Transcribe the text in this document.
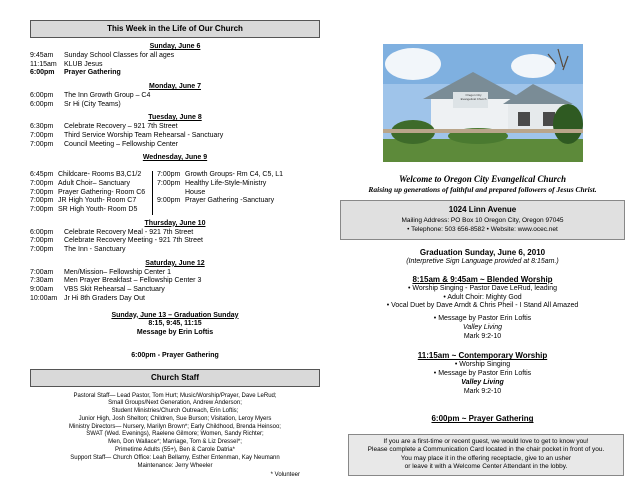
This Week in the Life of Our Church
Sunday, June 6
9:45am	Sunday School Classes for all ages
11:15am	KLUB Jesus
6:00pm	Prayer Gathering
Monday, June 7
6:00pm	The Inn Growth Group – C4
6:00pm	Sr Hi (City Teams)
Tuesday, June 8
6:30pm	Celebrate Recovery – 921 7th Street
7:00pm	Third Service Worship Team Rehearsal - Sanctuary
7:00pm	Council Meeting – Fellowship Center
Wednesday, June 9
6:45pm Childcare- Rooms B3,C1/2
7:00pm Adult Choir– Sanctuary
7:00pm Prayer Gathering- Room C6
7:00pm JR High Youth- Room C7
7:00pm SR High Youth- Room D5
7:00pm Growth Groups- Rm C4, C5, L1
7:00pm Healthy Life-Style-Ministry
House
9:00pm Prayer Gathering -Sanctuary
Thursday, June 10
6:00pm	Celebrate Recovery Meal - 921 7th Street
7:00pm	Celebrate Recovery Meeting - 921 7th Street
7:00pm	The Inn - Sanctuary
Saturday, June 12
7:00am	Men/Mission– Fellowship Center 1
7:30am	Men Prayer Breakfast – Fellowship Center 3
9:00am	VBS Skit Rehearsal – Sanctuary
10:00am Jr Hi 8th Graders Day Out
Sunday, June 13 – Graduation Sunday
8:15, 9:45, 11:15
Message by Erin Loftis
6:00pm - Prayer Gathering
Church Staff
Pastoral Staff— Lead Pastor, Tom Hurt; Music/Worship/Prayer, Dave LeRud;
Small Groups/Next Generation, Andrew Anderson;
Student Ministries/Church Outreach, Erin Loftis;
Junior High, Josh Shelton; Children, Sue Burson; Visitation, Leroy Myers
Ministry Directors— Nursery, Marilyn Brown*; Early Childhood, Brenda Heinsoo;
SWAT (Wed. Evenings), Raelene Gilmore; Women, Sandy Richter;
Men, Don Wallace*; Marriage, Tom & Liz Dressel*;
Primetime Adults (55+), Ben & Carole Datria*
Support Staff— Church Office: Leah Bellamy, Esther Entenman, Kay Neumann
Maintenance: Jerry Wheeler
* Volunteer
Oregon City Evangelical Church
Welcome to Oregon City Evangelical Church
Raising up generations of faithful and prepared followers of Jesus Christ.
1024 Linn Avenue
Mailing Address: PO Box 10 Oregon City, Oregon 97045
• Telephone: 503 656-8582 • Website: www.ocec.net
Graduation Sunday, June 6, 2010
(Interpretive Sign Language provided at 8:15am.)
8:15am & 9:45am ~ Blended Worship
• Worship Singing - Pastor Dave LeRud, leading
• Adult Choir: Mighty God
• Vocal Duet by Dave Arndt & Chris Pheil - I Stand All Amazed
• Message by Pastor Erin Loftis
Valley Living
Mark 9:2-10
11:15am ~ Contemporary Worship
• Worship Singing
• Message by Pastor Erin Loftis
Valley Living
Mark 9:2-10
6:00pm ~ Prayer Gathering
If you are a first-time or recent guest, we would love to get to know you!
Please complete a Communication Card located in the chair pocket in front of you.
You may place it in the offering receptacle, give to an usher
or leave it with a Welcome Center Attendant in the lobby.
